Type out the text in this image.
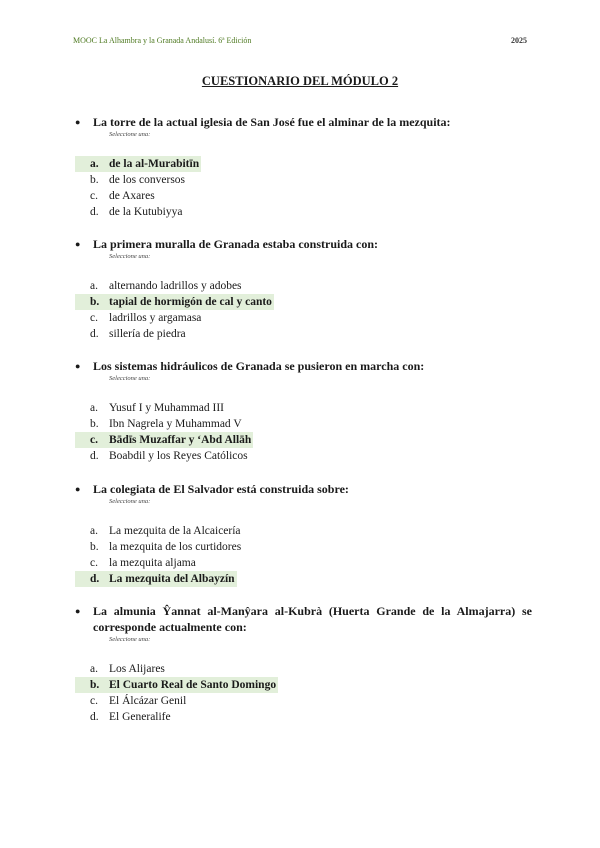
MOOC La Alhambra y la Granada Andalusí. 6ª Edición	2025
CUESTIONARIO DEL MÓDULO 2
●	La torre de la actual iglesia de San José fue el alminar de la mezquita:
Seleccione una:
a. de la al-Murabitīn
b. de los conversos
c. de Axares
d. de la Kutubiyya
●	La primera muralla de Granada estaba construida con:
Seleccione una:
a. alternando ladrillos y adobes
b. tapial de hormigón de cal y canto
c. ladrillos y argamasa
d. sillería de piedra
●	Los sistemas hidráulicos de Granada se pusieron en marcha con:
Seleccione una:
a. Yusuf I y Muhammad III
b. Ibn Nagrela y Muhammad V
c. Bādīs Muzaffar y ‘Abd Allāh
d. Boabdil y los Reyes Católicos
●	La colegiata de El Salvador está construida sobre:
Seleccione una:
a. La mezquita de la Alcaicería
b. la mezquita de los curtidores
c. la mezquita aljama
d. La mezquita del Albayzín
●	La almunia Ŷannat al-Manŷara al-Kubrà (Huerta Grande de la Almajarra) se corresponde actualmente con:
Seleccione una:
a. Los Alijares
b. El Cuarto Real de Santo Domingo
c. El Álcázar Genil
d. El Generalife
